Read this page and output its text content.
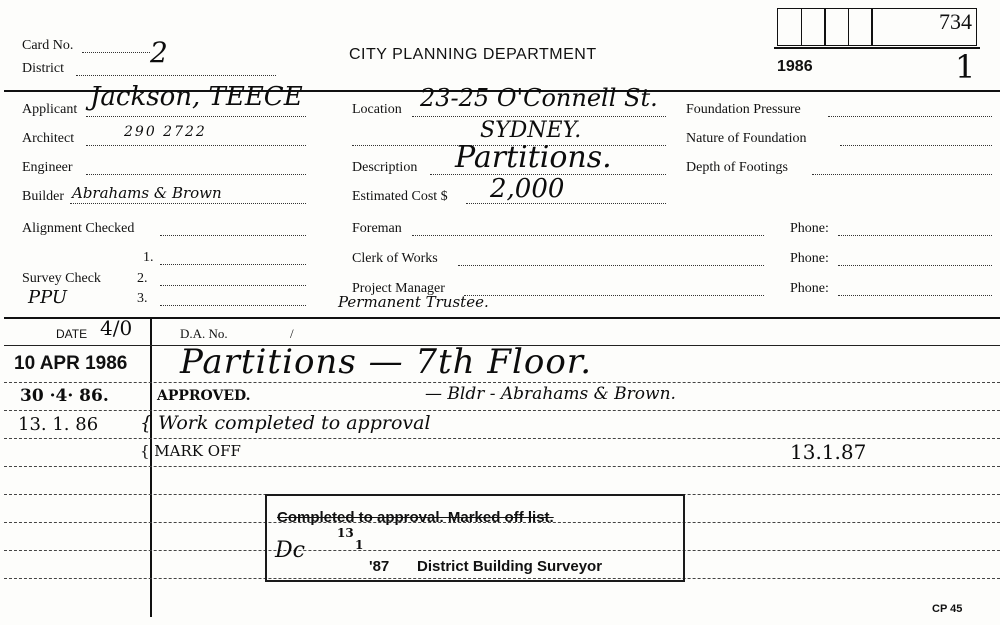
Card No.	2
District
CITY PLANNING DEPARTMENT
734
1986	1
Applicant Jackson, TEECE
Architect	290 2722
Engineer
Builder Abrahams & Brown
Alignment Checked
1.
Survey Check	2.
3.
PPU
Location 23-25 O'Connell St.
SYDNEY.
Description Partitions.
Estimated Cost $ 2,000
Foreman
Clerk of Works
Project Manager
Permanent Trustee.
Foundation Pressure
Nature of Foundation
Depth of Footings
Phone:
Phone:
Phone:
DATE 4/0	D.A. No.	/
10 APR 1986 Partitions — 7th Floor.
30 ·4· 86.	APPROVED.	— Bldr - Abrahams & Brown.
13. 1. 86 { Work completed to approval
{ MARK OFF	13.1.87
Completed to approval. Marked off list.
13
1
Dc
'87 District Building Surveyor
CP 45
